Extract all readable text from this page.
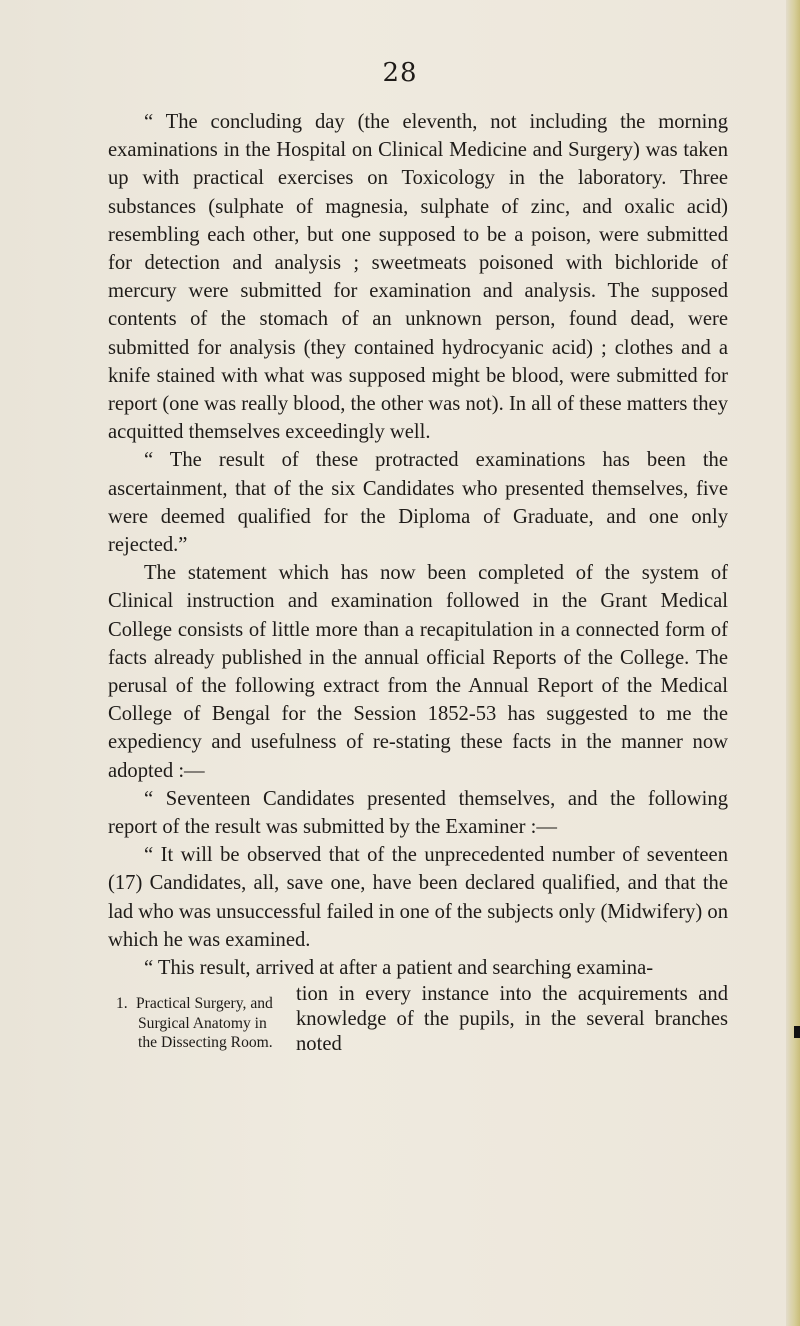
28

“ The concluding day (the eleventh, not including the morning examinations in the Hospital on Clinical Medicine and Surgery) was taken up with practical exercises on Toxicology in the laboratory. Three substances (sulphate of magnesia, sulphate of zinc, and oxalic acid) resembling each other, but one supposed to be a poison, were submitted for detection and analysis ; sweetmeats poisoned with bichloride of mercury were submitted for examination and analysis. The supposed contents of the stomach of an unknown person, found dead, were submitted for analysis (they contained hydrocyanic acid) ; clothes and a knife stained with what was supposed might be blood, were submitted for report (one was really blood, the other was not). In all of these matters they acquitted themselves exceedingly well.

“ The result of these protracted examinations has been the ascertainment, that of the six Candidates who presented themselves, five were deemed qualified for the Diploma of Graduate, and one only rejected.”

The statement which has now been completed of the system of Clinical instruction and examination followed in the Grant Medical College consists of little more than a recapitulation in a connected form of facts already published in the annual official Reports of the College. The perusal of the following extract from the Annual Report of the Medical College of Bengal for the Session 1852-53 has suggested to me the expediency and usefulness of re-stating these facts in the manner now adopted :—

“ Seventeen Candidates presented themselves, and the following report of the result was submitted by the Examiner :—

“ It will be observed that of the unprecedented number of seventeen (17) Candidates, all, save one, have been declared qualified, and that the lad who was unsuccessful failed in one of the subjects only (Midwifery) on which he was examined.

“ This result, arrived at after a patient and searching examina-

1. Practical Surgery, and
Surgical Anatomy in
the Dissecting Room.
tion in every instance into the acquirements and knowledge of the pupils, in the several branches noted
